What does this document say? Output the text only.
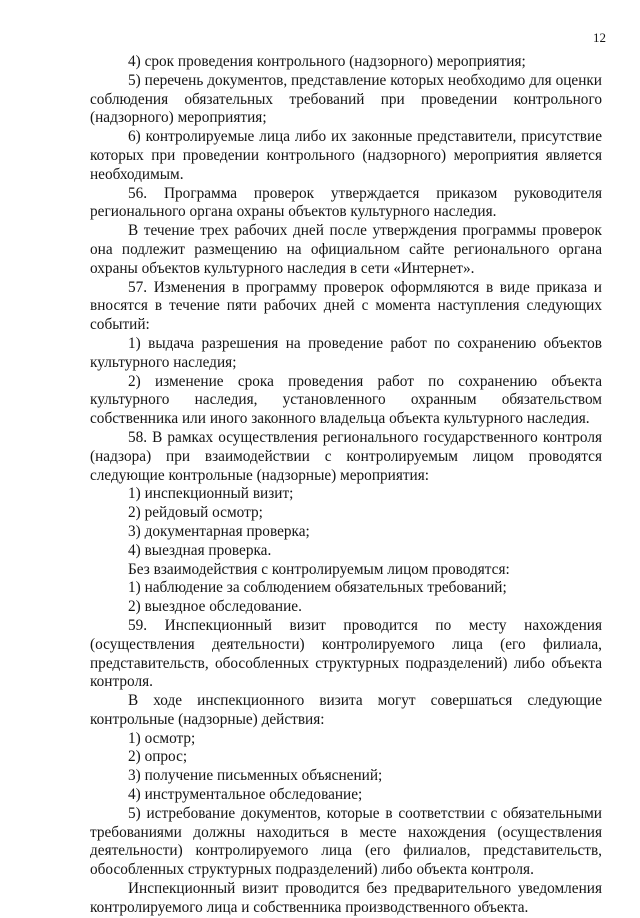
12

4) срок проведения контрольного (надзорного) мероприятия;

5) перечень документов, представление которых необходимо для оценки соблюдения обязательных требований при проведении контрольного (надзорного) мероприятия;

6) контролируемые лица либо их законные представители, присутствие которых при проведении контрольного (надзорного) мероприятия является необходимым.

56. Программа проверок утверждается приказом руководителя регионального органа охраны объектов культурного наследия.

В течение трех рабочих дней после утверждения программы проверок она подлежит размещению на официальном сайте регионального органа охраны объектов культурного наследия в сети «Интернет».

57. Изменения в программу проверок оформляются в виде приказа и вносятся в течение пяти рабочих дней с момента наступления следующих событий:

1) выдача разрешения на проведение работ по сохранению объектов культурного наследия;

2) изменение срока проведения работ по сохранению объекта культурного наследия, установленного охранным обязательством собственника или иного законного владельца объекта культурного наследия.

58. В рамках осуществления регионального государственного контроля (надзора) при взаимодействии с контролируемым лицом проводятся следующие контрольные (надзорные) мероприятия:

1) инспекционный визит;

2) рейдовый осмотр;

3) документарная проверка;

4) выездная проверка.

Без взаимодействия с контролируемым лицом проводятся:

1) наблюдение за соблюдением обязательных требований;

2) выездное обследование.

59. Инспекционный визит проводится по месту нахождения (осуществления деятельности) контролируемого лица (его филиала, представительств, обособленных структурных подразделений) либо объекта контроля.

В ходе инспекционного визита могут совершаться следующие контрольные (надзорные) действия:

1) осмотр;

2) опрос;

3) получение письменных объяснений;

4) инструментальное обследование;

5) истребование документов, которые в соответствии с обязательными требованиями должны находиться в месте нахождения (осуществления деятельности) контролируемого лица (его филиалов, представительств, обособленных структурных подразделений) либо объекта контроля.

Инспекционный визит проводится без предварительного уведомления контролируемого лица и собственника производственного объекта.
